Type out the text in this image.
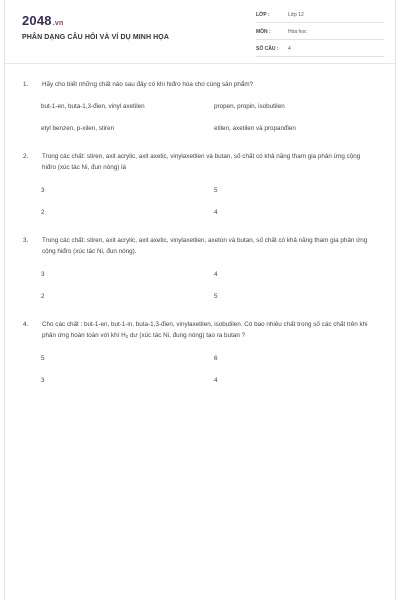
2048.vn
PHÂN DẠNG CÂU HỎI VÀ VÍ DỤ MINH HỌA
LỚP :	Lớp 12
MÔN :	Hóa học
SỐ CÂU : 4
1. Hãy cho biết những chất nào sau đây có khi hiđro hóa cho cùng sản phẩm?
but-1-en, buta-1,3-đien, vinyl axetilen	propen, propin, isobutilen
etyl benzen, p-xilen, stiren	etilen, axetilen và propanđien
2. Trong các chất: stiren, axit acrylic, axit axetic, vinylaxetilen và butan, số chất có khả năng tham gia phản ứng cộng hiđro (xúc tác Ni, đun nóng) là
3	5
2	4
3. Trong các chất: stiren, axit acrylic, axit axetic, vinylaxetilen, axeton và butan, số chất có khả năng tham gia phản ứng cộng hiđro (xúc tác Ni, đun nóng).
3	4
2	5
4. Cho các chất : but-1-en, but-1-in, buta-1,3-đien, vinylaxetilen, isobutilen. Có bao nhiêu chất trong số các chất trên khi phản ứng hoàn toàn với khí $H_2$ dư (xúc tác Ni, đung nóng) tạo ra butan ?
5	6
3	4
